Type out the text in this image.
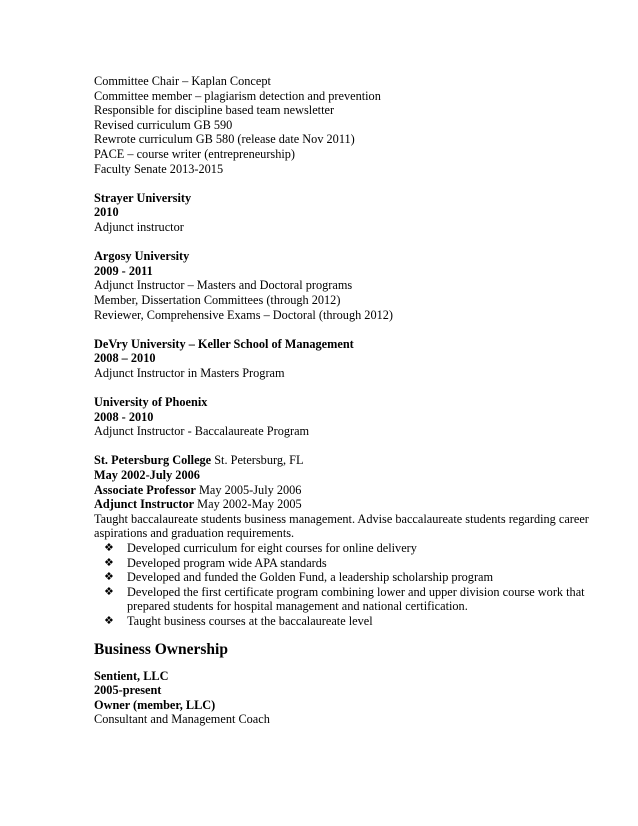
Committee Chair – Kaplan Concept
Committee member – plagiarism detection and prevention
Responsible for discipline based team newsletter
Revised curriculum GB 590
Rewrote curriculum GB 580 (release date Nov 2011)
PACE – course writer (entrepreneurship)
Faculty Senate 2013-2015
Strayer University
2010
Adjunct instructor
Argosy University
2009 - 2011
Adjunct Instructor – Masters and Doctoral programs
Member, Dissertation Committees (through 2012)
Reviewer, Comprehensive Exams – Doctoral (through 2012)
DeVry University – Keller School of Management
2008 – 2010
Adjunct Instructor in Masters Program
University of Phoenix
2008 - 2010
Adjunct Instructor - Baccalaureate Program
St. Petersburg College St. Petersburg, FL
May 2002-July 2006
Associate Professor May 2005-July 2006
Adjunct Instructor May 2002-May 2005
Taught baccalaureate students business management. Advise baccalaureate students regarding career aspirations and graduation requirements.
❖ Developed curriculum for eight courses for online delivery
❖ Developed program wide APA standards
❖ Developed and funded the Golden Fund, a leadership scholarship program
❖ Developed the first certificate program combining lower and upper division course work that prepared students for hospital management and national certification.
❖ Taught business courses at the baccalaureate level
Business Ownership
Sentient, LLC
2005-present
Owner (member, LLC)
Consultant and Management Coach
